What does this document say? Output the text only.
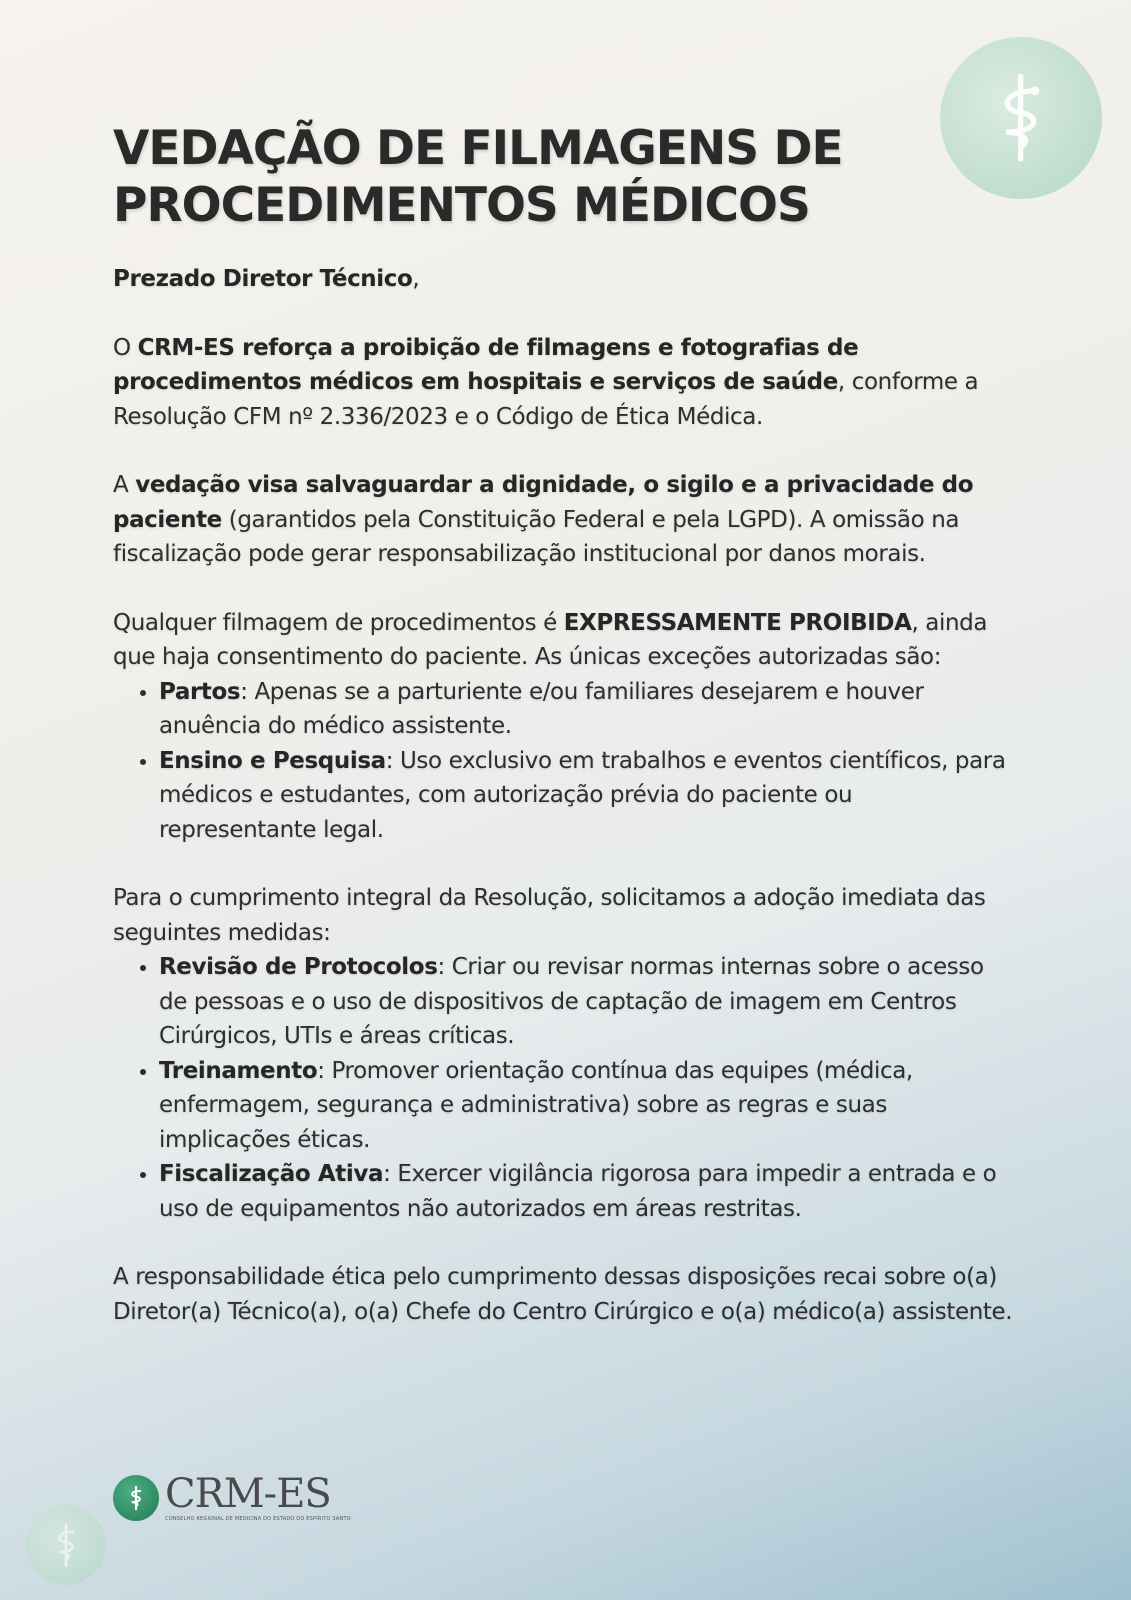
VEDAÇÃO DE FILMAGENS DE PROCEDIMENTOS MÉDICOS

Prezado Diretor Técnico,

O CRM-ES reforça a proibição de filmagens e fotografias de procedimentos médicos em hospitais e serviços de saúde, conforme a Resolução CFM nº 2.336/2023 e o Código de Ética Médica.

A vedação visa salvaguardar a dignidade, o sigilo e a privacidade do paciente (garantidos pela Constituição Federal e pela LGPD). A omissão na fiscalização pode gerar responsabilização institucional por danos morais.

Qualquer filmagem de procedimentos é EXPRESSAMENTE PROIBIDA, ainda que haja consentimento do paciente. As únicas exceções autorizadas são:

• Partos: Apenas se a parturiente e/ou familiares desejarem e houver anuência do médico assistente.
• Ensino e Pesquisa: Uso exclusivo em trabalhos e eventos científicos, para médicos e estudantes, com autorização prévia do paciente ou representante legal.

Para o cumprimento integral da Resolução, solicitamos a adoção imediata das seguintes medidas:

• Revisão de Protocolos: Criar ou revisar normas internas sobre o acesso de pessoas e o uso de dispositivos de captação de imagem em Centros Cirúrgicos, UTIs e áreas críticas.
• Treinamento: Promover orientação contínua das equipes (médica, enfermagem, segurança e administrativa) sobre as regras e suas implicações éticas.
• Fiscalização Ativa: Exercer vigilância rigorosa para impedir a entrada e o uso de equipamentos não autorizados em áreas restritas.

A responsabilidade ética pelo cumprimento dessas disposições recai sobre o(a) Diretor(a) Técnico(a), o(a) Chefe do Centro Cirúrgico e o(a) médico(a) assistente.

CRM-ES
CONSELHO REGIONAL DE MEDICINA DO ESTADO DO ESPÍRITO SANTO
